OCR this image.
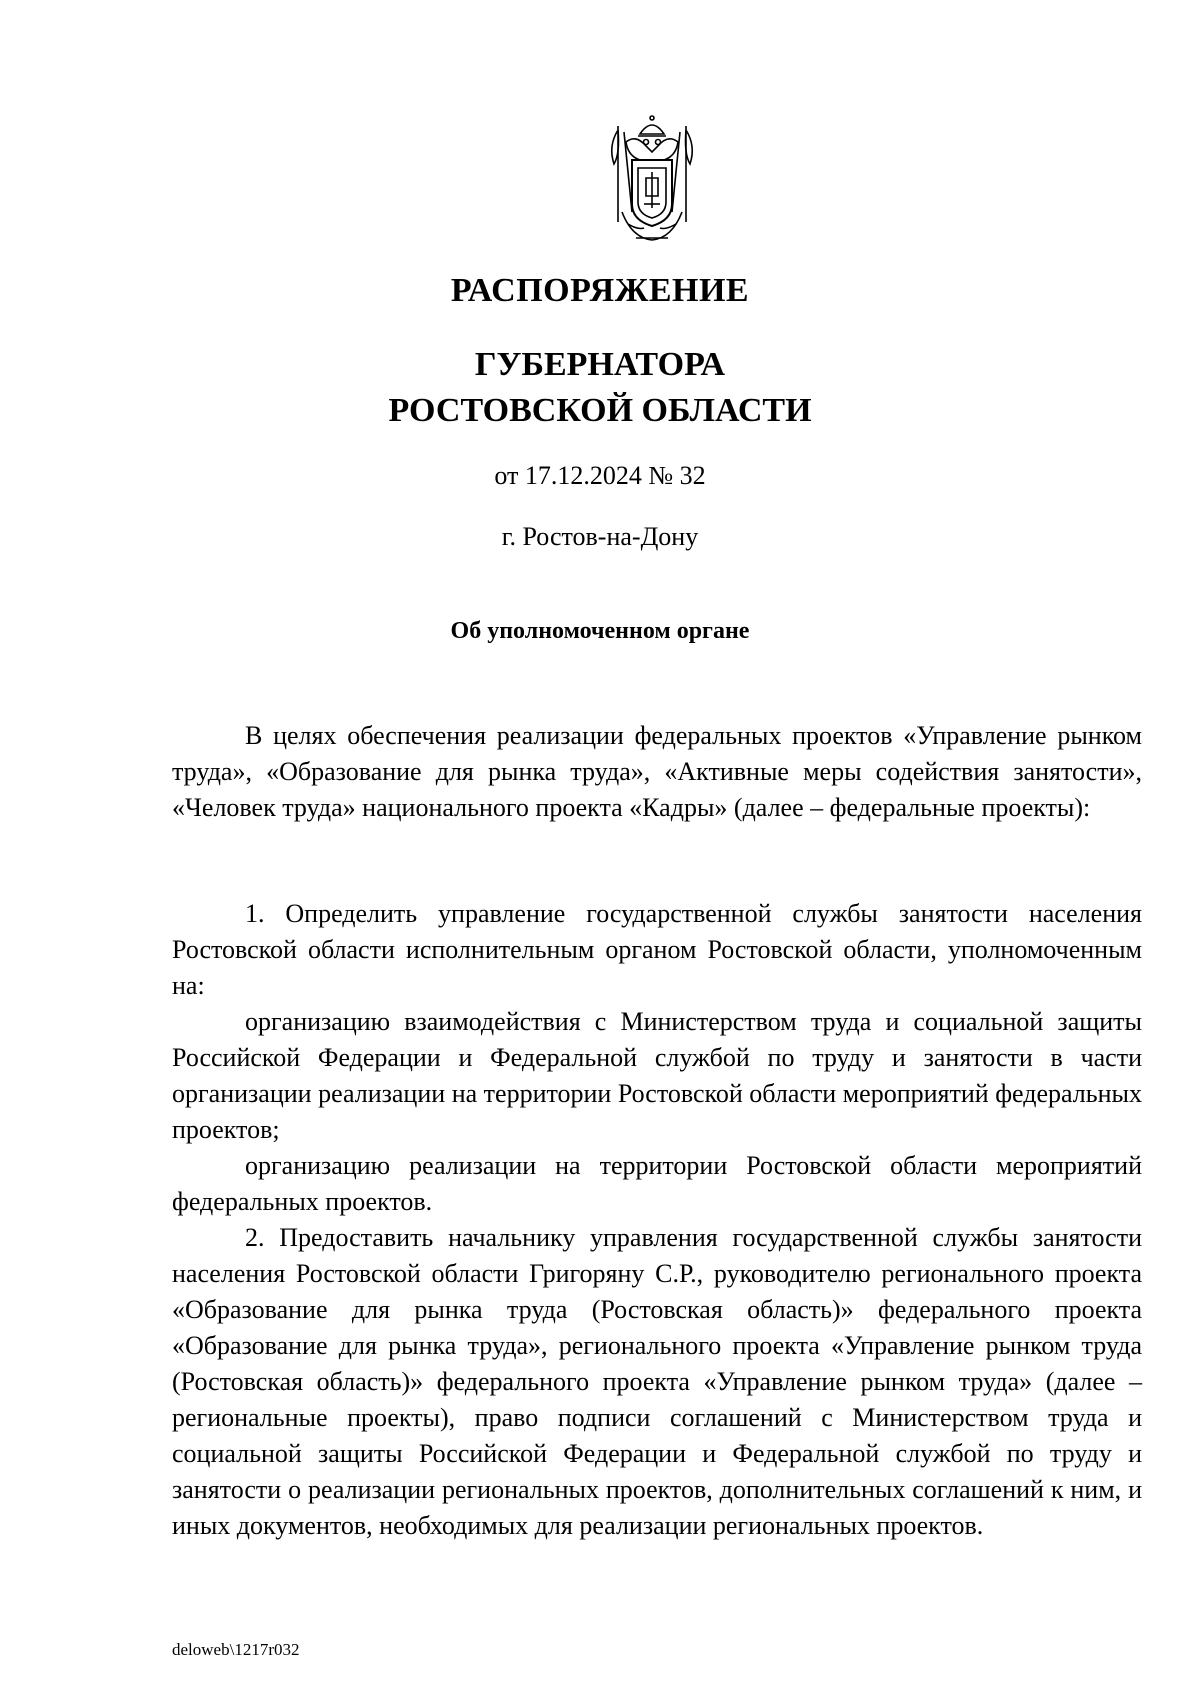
РАСПОРЯЖЕНИЕ
ГУБЕРНАТОРА
РОСТОВСКОЙ ОБЛАСТИ
от 17.12.2024 № 32
г. Ростов-на-Дону
Об уполномоченном органе

В целях обеспечения реализации федеральных проектов «Управление рынком труда», «Образование для рынка труда», «Активные меры содействия занятости», «Человек труда» национального проекта «Кадры» (далее – федеральные проекты):

1. Определить управление государственной службы занятости населения Ростовской области исполнительным органом Ростовской области, уполномоченным на:

организацию взаимодействия с Министерством труда и социальной защиты Российской Федерации и Федеральной службой по труду и занятости в части организации реализации на территории Ростовской области мероприятий федеральных проектов;

организацию реализации на территории Ростовской области мероприятий федеральных проектов.

2. Предоставить начальнику управления государственной службы занятости населения Ростовской области Григоряну С.Р., руководителю регионального проекта «Образование для рынка труда (Ростовская область)» федерального проекта «Образование для рынка труда», регионального проекта «Управление рынком труда (Ростовская область)» федерального проекта «Управление рынком труда» (далее – региональные проекты), право подписи соглашений с Министерством труда и социальной защиты Российской Федерации и Федеральной службой по труду и занятости о реализации региональных проектов, дополнительных соглашений к ним, и иных документов, необходимых для реализации региональных проектов.

deloweb\1217r032
